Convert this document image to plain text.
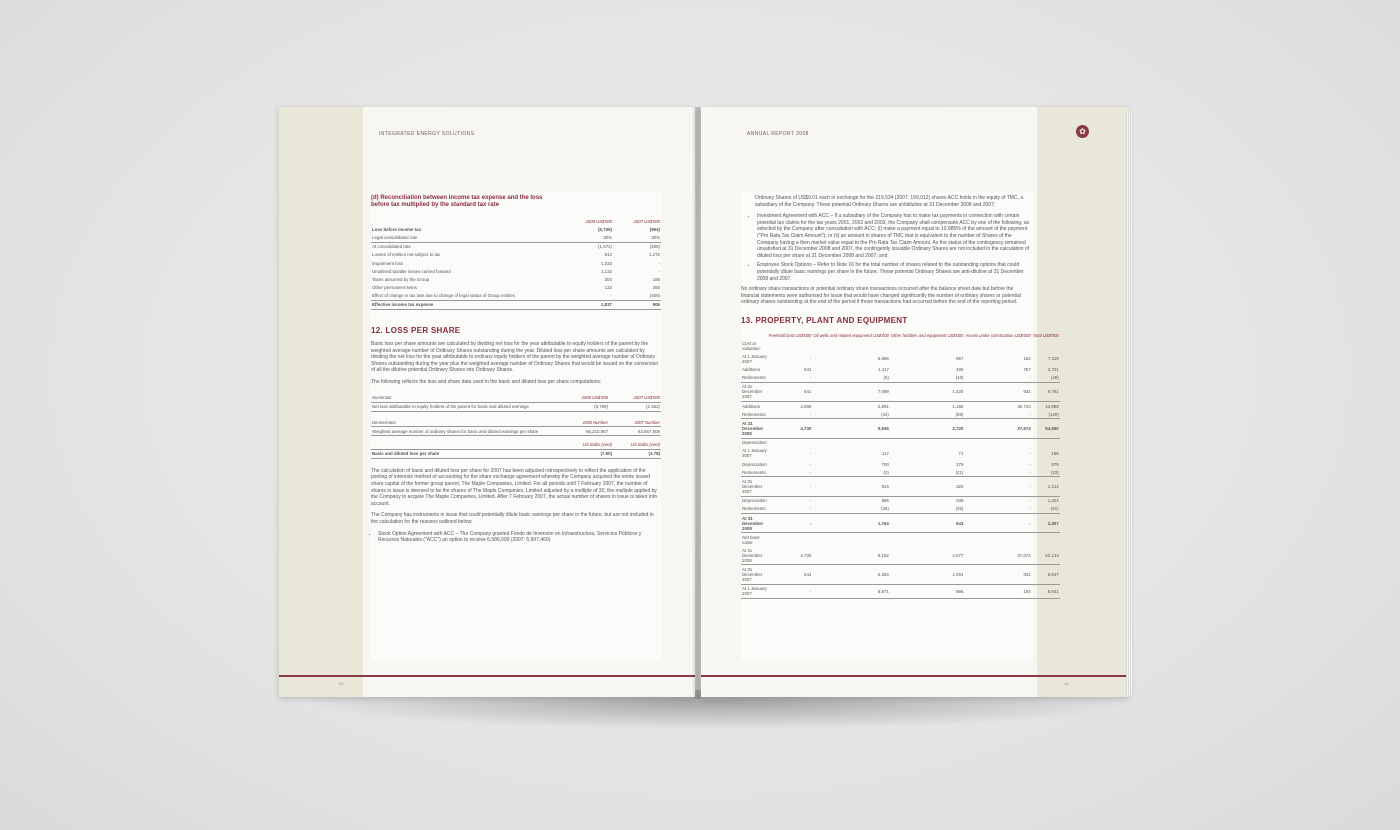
INTEGRATED ENERGY SOLUTIONS
(d) Reconciliation between income tax expense and the loss before tax multiplied by the standard tax rate
	2008 US$'000	2007 US$'000
Loss before income tax	(5,706)	(994)
Legal consolidated rate	30%	30%
At consolidated rate	(1,572)	(298)
Losses of entities not subject to tax	812	1,272
Impairment loss	1,033	-
Unutilised taxable losses carried forward	1,132	-
Taxes assumed by the Group	304	186
Other permanent items	132	355
Effect of change in tax rate due to change of legal status of Group entities	-	(406)
Effective income tax expense	1,837	906
12. LOSS PER SHARE

Basic loss per share amounts are calculated by dividing net loss for the year attributable to equity holders of the parent by the weighted average number of Ordinary Shares outstanding during the year. Diluted loss per share amounts are calculated by dividing the net loss for the year attributable to ordinary equity holders of the parent by the weighted average number of Ordinary Shares outstanding during the year plus the weighted average number of Ordinary Shares that would be issued on the conversion of all the dilutive potential Ordinary Shares into Ordinary Shares.

The following reflects the loss and share data used in the basic and diluted loss per share computations:

Numerator	2008 US$'000	2007 US$'000
Net loss attributable to equity holders of the parent for basic and diluted earnings	(6,799)	(2,452)
Denominator	2008 Number	2007 Number
Weighted average number of ordinary shares for basic and diluted earnings per share	86,210,857	63,657,908
	US dollar (cent)	US dollar (cent)
Basic and diluted loss per share	(7.90)	(3.78)

The calculation of basic and diluted loss per share for 2007 has been adjusted retrospectively to reflect the application of the pooling of interests method of accounting for the share exchange agreement whereby the Company acquired the entire issued share capital of the former group parent, The Maple Companies, Limited. For all periods until 7 February 2007, the number of shares in issue is deemed to be the shares of The Maple Companies, Limited adjusted by a multiple of 30, the multiple applied by the Company to acquire The Maple Companies, Limited. After 7 February 2007, the actual number of shares in issue is taken into account.

The Company has instruments in issue that could potentially dilute basic earnings per share in the future, but are not included in the calculation for the reasons outlined below:

• Stock Option Agreement with ACC – The Company granted Fondo de Inversión en Infraestructura, Servicios Públicos y Recursos Naturales ("ACC") an option to receive 6,586,000 (2007: 5,997,460)
60
✿
ANNUAL REPORT 2008

Ordinary Shares of US$0.01 each in exchange for the 219,534 (2007: 199,912) shares ACC holds in the equity of TMC, a subsidiary of the Company. These potential Ordinary Shares are antidilutive at 31 December 2008 and 2007;

• Investment Agreement with ACC – If a subsidiary of the Company has to make tax payments in connection with certain potential tax claims for the tax years 2001, 2002 and 2003, the Company shall compensate ACC by one of the following, as selected by the Company after consultation with ACC: (i) make a payment equal to 10.985% of the amount of the payment ("Pro Rata Tax Claim Amount"); or (ii) an amount in shares of TMC that is equivalent to the number of Shares of the Company having a then market value equal to the Pro Rata Tax Claim Amount. As the status of the contingency remained unsatisfied at 31 December 2008 and 2007, the contingently issuable Ordinary Shares are not included in the calculation of diluted loss per share at 31 December 2008 and 2007; and
• Employee Stock Options – Refer to Note 16 for the total number of shares related to the outstanding options that could potentially dilute basic earnings per share in the future. These potential Ordinary Shares are anti-dilutive at 31 December 2008 and 2007.

No ordinary share transactions or potential ordinary share transactions occurred after the balance sheet date but before the financial statements were authorised for issue that would have changed significantly the number of ordinary shares or potential ordinary shares outstanding at the end of the period if those transactions had occurred before the end of the reporting period.

13. PROPERTY, PLANT AND EQUIPMENT
	Freehold land US$'000	Oil wells and related equipment US$'000	Other facilities and equipment US$'000	Assets under construction US$'000	Total US$'000
Cost or valuation:					
At 1 January 2007	-	5,988	967	164	7,119
Additions	641	1,117	496	767	2,721
Retirements	-	(6)	(43)	-	(49)
At 31 December 2007	641	7,099	1,420	931	9,791
Additions	4,089	2,891	1,165	36,743	44,888
Retirements	-	(44)	(85)	-	(129)
At 31 December 2008	4,730	9,946	2,720	37,674	54,550
Depreciation					
At 1 January 2007	-	117	71	-	188
Depreciation	-	700	279	-	979
Retirements	-	(2)	(21)	-	(23)
At 31 December 2007	-	815	329	-	1,144
Depreciation	-	985	339	-	1,324
Retirements	-	(36)	(25)	-	(61)
At 31 December 2008	-	1,764	643	-	2,407
Net book value					
At 31 December 2008	4,730	8,182	2,077	37,674	52,143
At 31 December 2007	641	6,284	1,091	931	8,647
At 1 January 2007	-	5,871	896	164	6,931
61
